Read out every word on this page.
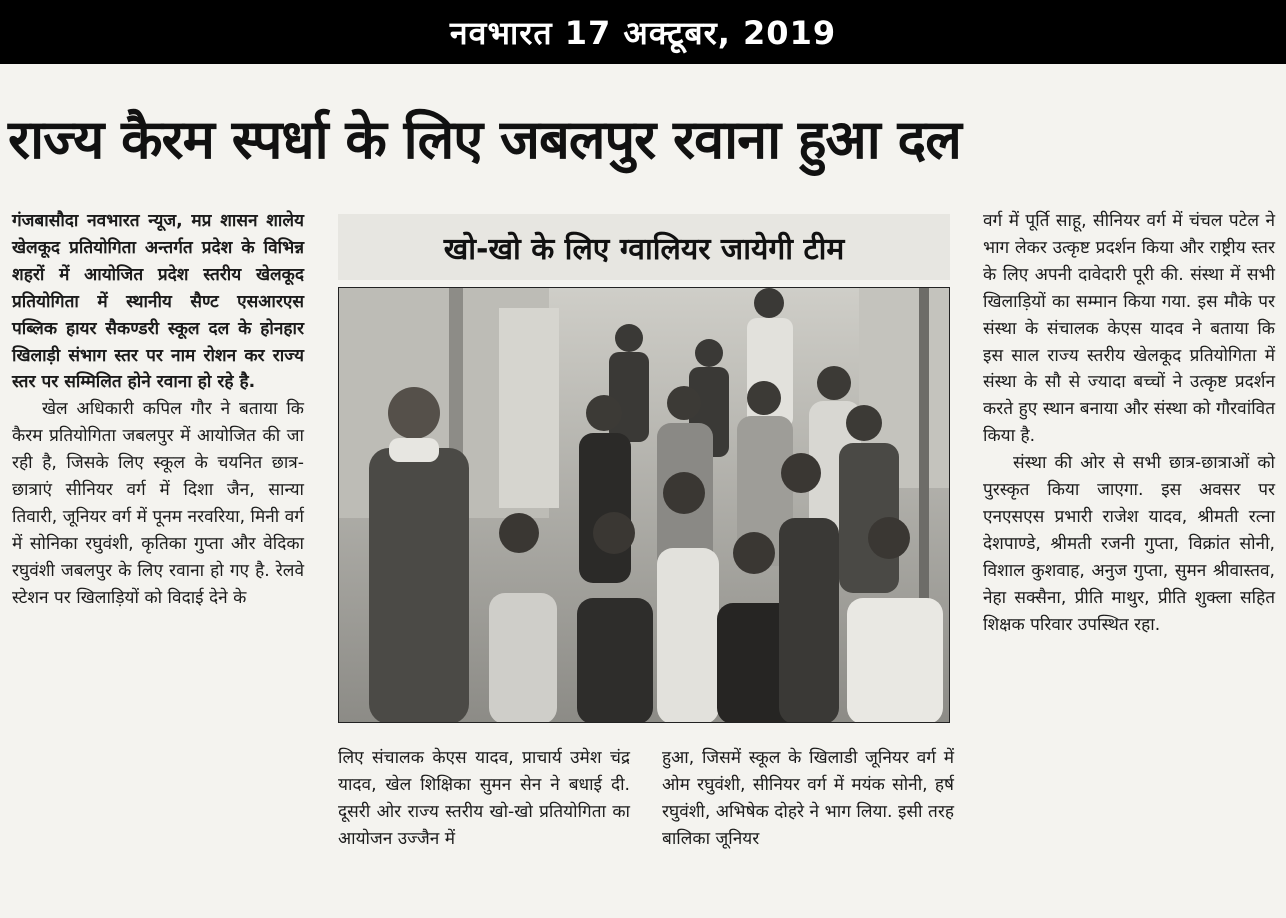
नवभारत 17 अक्टूबर, 2019
राज्य कैरम स्पर्धा के लिए जबलपुर रवाना हुआ दल

गंजबासौदा नवभारत न्यूज, मप्र शासन शालेय खेलकूद प्रतियोगिता अन्तर्गत प्रदेश के विभिन्न शहरों में आयोजित प्रदेश स्तरीय खेलकूद प्रतियोगिता में स्थानीय सैण्ट एसआरएस पब्लिक हायर सैकण्डरी स्कूल दल के होनहार खिलाड़ी संभाग स्तर पर नाम रोशन कर राज्य स्तर पर सम्मिलित होने रवाना हो रहे है.

खेल अधिकारी कपिल गौर ने बताया कि कैरम प्रतियोगिता जबलपुर में आयोजित की जा रही है, जिसके लिए स्कूल के चयनित छात्र-छात्राएं सीनियर वर्ग में दिशा जैन, सान्या तिवारी, जूनियर वर्ग में पूनम नरवरिया, मिनी वर्ग में सोनिका रघुवंशी, कृतिका गुप्ता और वेदिका रघुवंशी जबलपुर के लिए रवाना हो गए है. रेलवे स्टेशन पर खिलाड़ियों को विदाई देने के

खो-खो के लिए ग्वालियर जायेगी टीम

लिए संचालक केएस यादव, प्राचार्य उमेश चंद्र यादव, खेल शिक्षिका सुमन सेन ने बधाई दी. दूसरी ओर राज्य स्तरीय खो-खो प्रतियोगिता का आयोजन उज्जैन में

हुआ, जिसमें स्कूल के खिलाडी जूनियर वर्ग में ओम रघुवंशी, सीनियर वर्ग में मयंक सोनी, हर्ष रघुवंशी, अभिषेक दोहरे ने भाग लिया. इसी तरह बालिका जूनियर

वर्ग में पूर्ति साहू, सीनियर वर्ग में चंचल पटेल ने भाग लेकर उत्कृष्ट प्रदर्शन किया और राष्ट्रीय स्तर के लिए अपनी दावेदारी पूरी की. संस्था में सभी खिलाड़ियों का सम्मान किया गया. इस मौके पर संस्था के संचालक केएस यादव ने बताया कि इस साल राज्य स्तरीय खेलकूद प्रतियोगिता में संस्था के सौ से ज्यादा बच्चों ने उत्कृष्ट प्रदर्शन करते हुए स्थान बनाया और संस्था को गौरवांवित किया है.

संस्था की ओर से सभी छात्र-छात्राओं को पुरस्कृत किया जाएगा. इस अवसर पर एनएसएस प्रभारी राजेश यादव, श्रीमती रत्ना देशपाण्डे, श्रीमती रजनी गुप्ता, विक्रांत सोनी, विशाल कुशवाह, अनुज गुप्ता, सुमन श्रीवास्तव, नेहा सक्सैना, प्रीति माथुर, प्रीति शुक्ला सहित शिक्षक परिवार उपस्थित रहा.
